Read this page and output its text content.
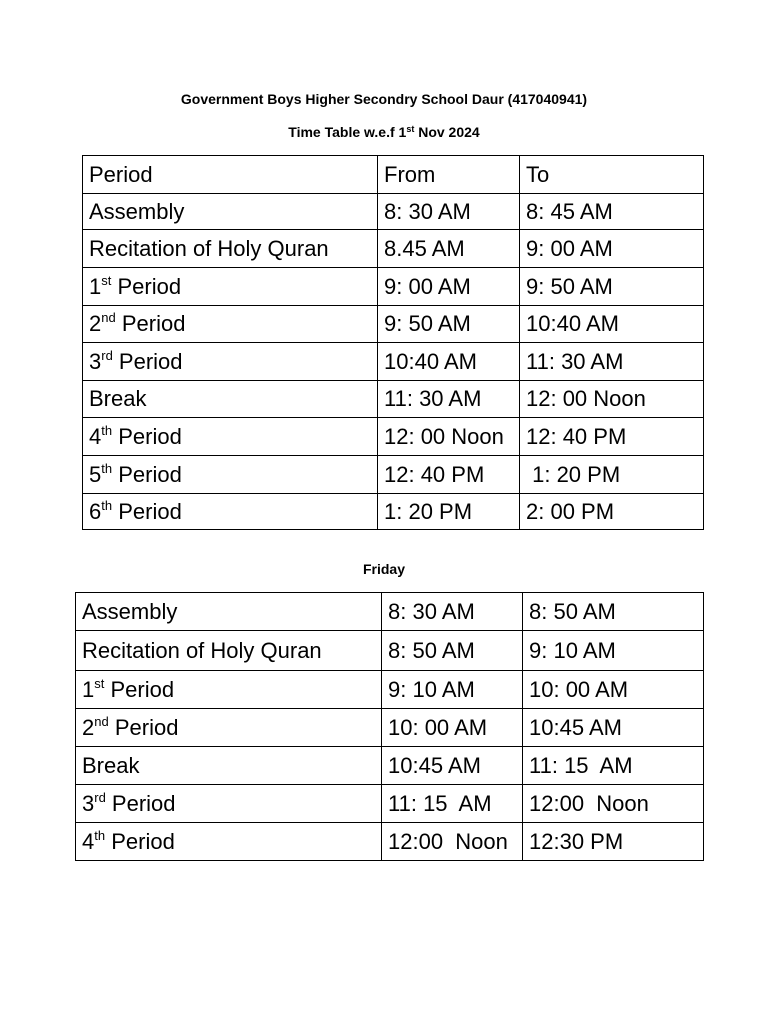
Government Boys Higher Secondry School Daur (417040941)
Time Table w.e.f 1st Nov 2024
Period	From	To
Assembly	8: 30 AM	8: 45 AM
Recitation of Holy Quran	8.45 AM	9: 00 AM
1st Period	9: 00 AM	9: 50 AM
2nd Period	9: 50 AM	10:40 AM
3rd Period	10:40 AM	11: 30 AM
Break	11: 30 AM	12: 00 Noon
4th Period	12: 00 Noon	12: 40 PM
5th Period	12: 40 PM	1: 20 PM
6th Period	1: 20 PM	2: 00 PM
Friday
Assembly	8: 30 AM	8: 50 AM
Recitation of Holy Quran	8: 50 AM	9: 10 AM
1st Period	9: 10 AM	10: 00 AM
2nd Period	10: 00 AM	10:45 AM
Break	10:45 AM	11: 15  AM
3rd Period	11: 15  AM	12:00  Noon
4th Period	12:00  Noon	12:30 PM
